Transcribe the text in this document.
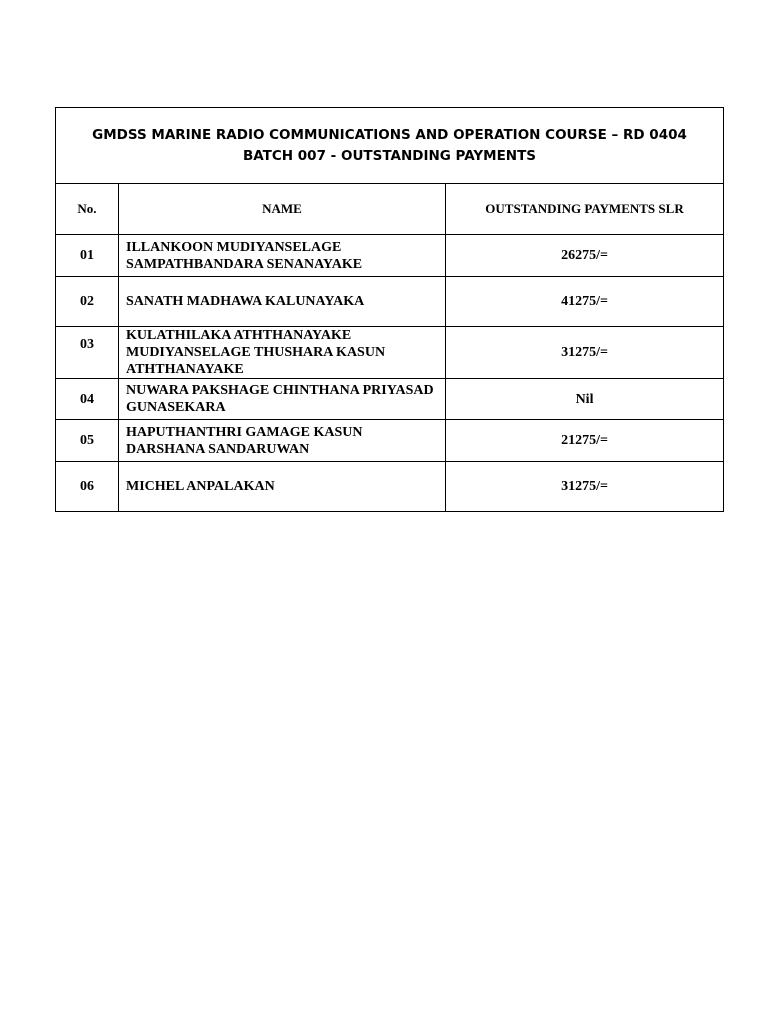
GMDSS MARINE RADIO COMMUNICATIONS AND OPERATION COURSE – RD 0404
BATCH 007 - OUTSTANDING PAYMENTS		

No.	NAME	OUTSTANDING PAYMENTS SLR
01	ILLANKOON MUDIYANSELAGE SAMPATHBANDARA SENANAYAKE	26275/=
02	SANATH MADHAWA KALUNAYAKA	41275/=
03	KULATHILAKA ATHTHANAYAKE MUDIYANSELAGE THUSHARA KASUN ATHTHANAYAKE	31275/=
04	NUWARA PAKSHAGE CHINTHANA PRIYASAD GUNASEKARA	Nil
05	HAPUTHANTHRI GAMAGE KASUN DARSHANA SANDARUWAN	21275/=
06	MICHEL ANPALAKAN	31275/=
